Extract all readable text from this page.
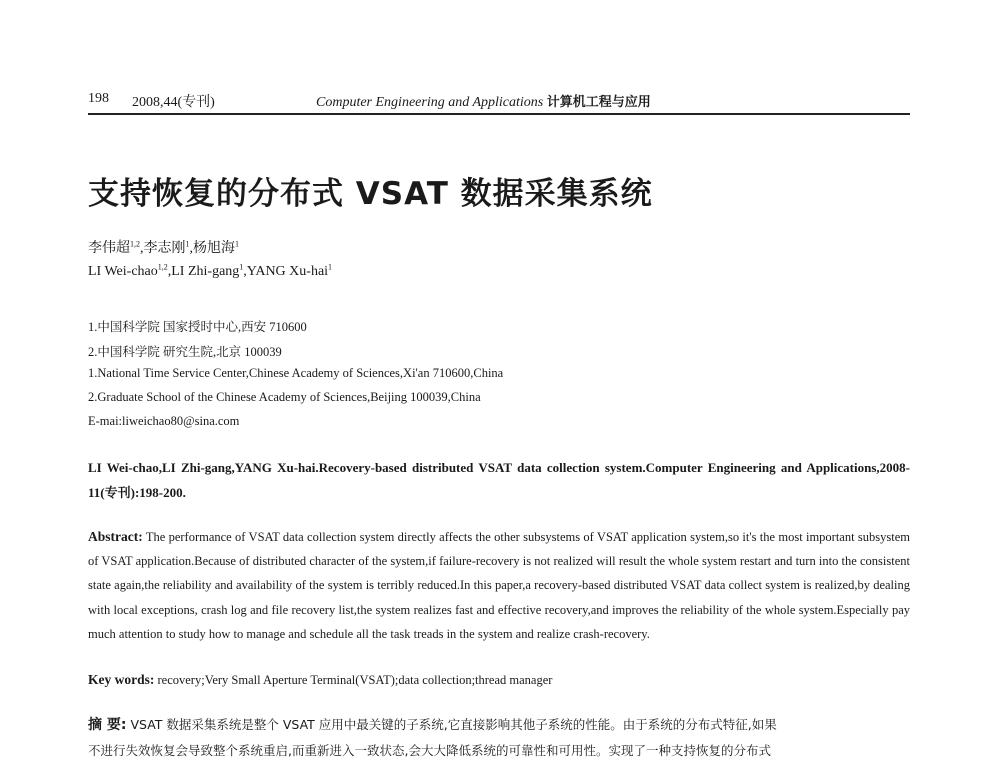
198 2008,44(专刊)	Computer Engineering and Applications 计算机工程与应用
支持恢复的分布式 VSAT 数据采集系统
李伟超$^{1,2}$,李志刚$^1$,杨旭海$^1$
LI Wei-chao$^{1,2}$,LI Zhi-gang$^1$,YANG Xu-hai$^1$
1.中国科学院 国家授时中心,西安 710600
2.中国科学院 研究生院,北京 100039
1.National Time Service Center,Chinese Academy of Sciences,Xi'an 710600,China
2.Graduate School of the Chinese Academy of Sciences,Beijing 100039,China
E-mai:liweichao80@sina.com
LI Wei-chao,LI Zhi-gang,YANG Xu-hai.Recovery-based distributed VSAT data collection system.Computer Engineering and Applications,2008-11(专刊):198-200.
Abstract: The performance of VSAT data collection system directly affects the other subsystems of VSAT application system,so it's the most important subsystem of VSAT application.Because of distributed character of the system,if failure-recovery is not realized will result the whole system restart and turn into the consistent state again,the reliability and availability of the system is terribly reduced.In this paper,a recovery-based distributed VSAT data collect system is realized,by dealing with local exceptions, crash log and file recovery list,the system realizes fast and effective recovery,and improves the reliability of the whole system.Especially pay much attention to study how to manage and schedule all the task treads in the system and realize crash-recovery.
Key words: recovery;Very Small Aperture Terminal(VSAT);data collection;thread manager
摘 要: VSAT 数据采集系统是整个 VSAT 应用中最关键的子系统,它直接影响其他子系统的性能。由于系统的分布式特征,如果
不进行失效恢复会导致整个系统重启,而重新进入一致状态,会大大降低系统的可靠性和可用性。实现了一种支持恢复的分布式
